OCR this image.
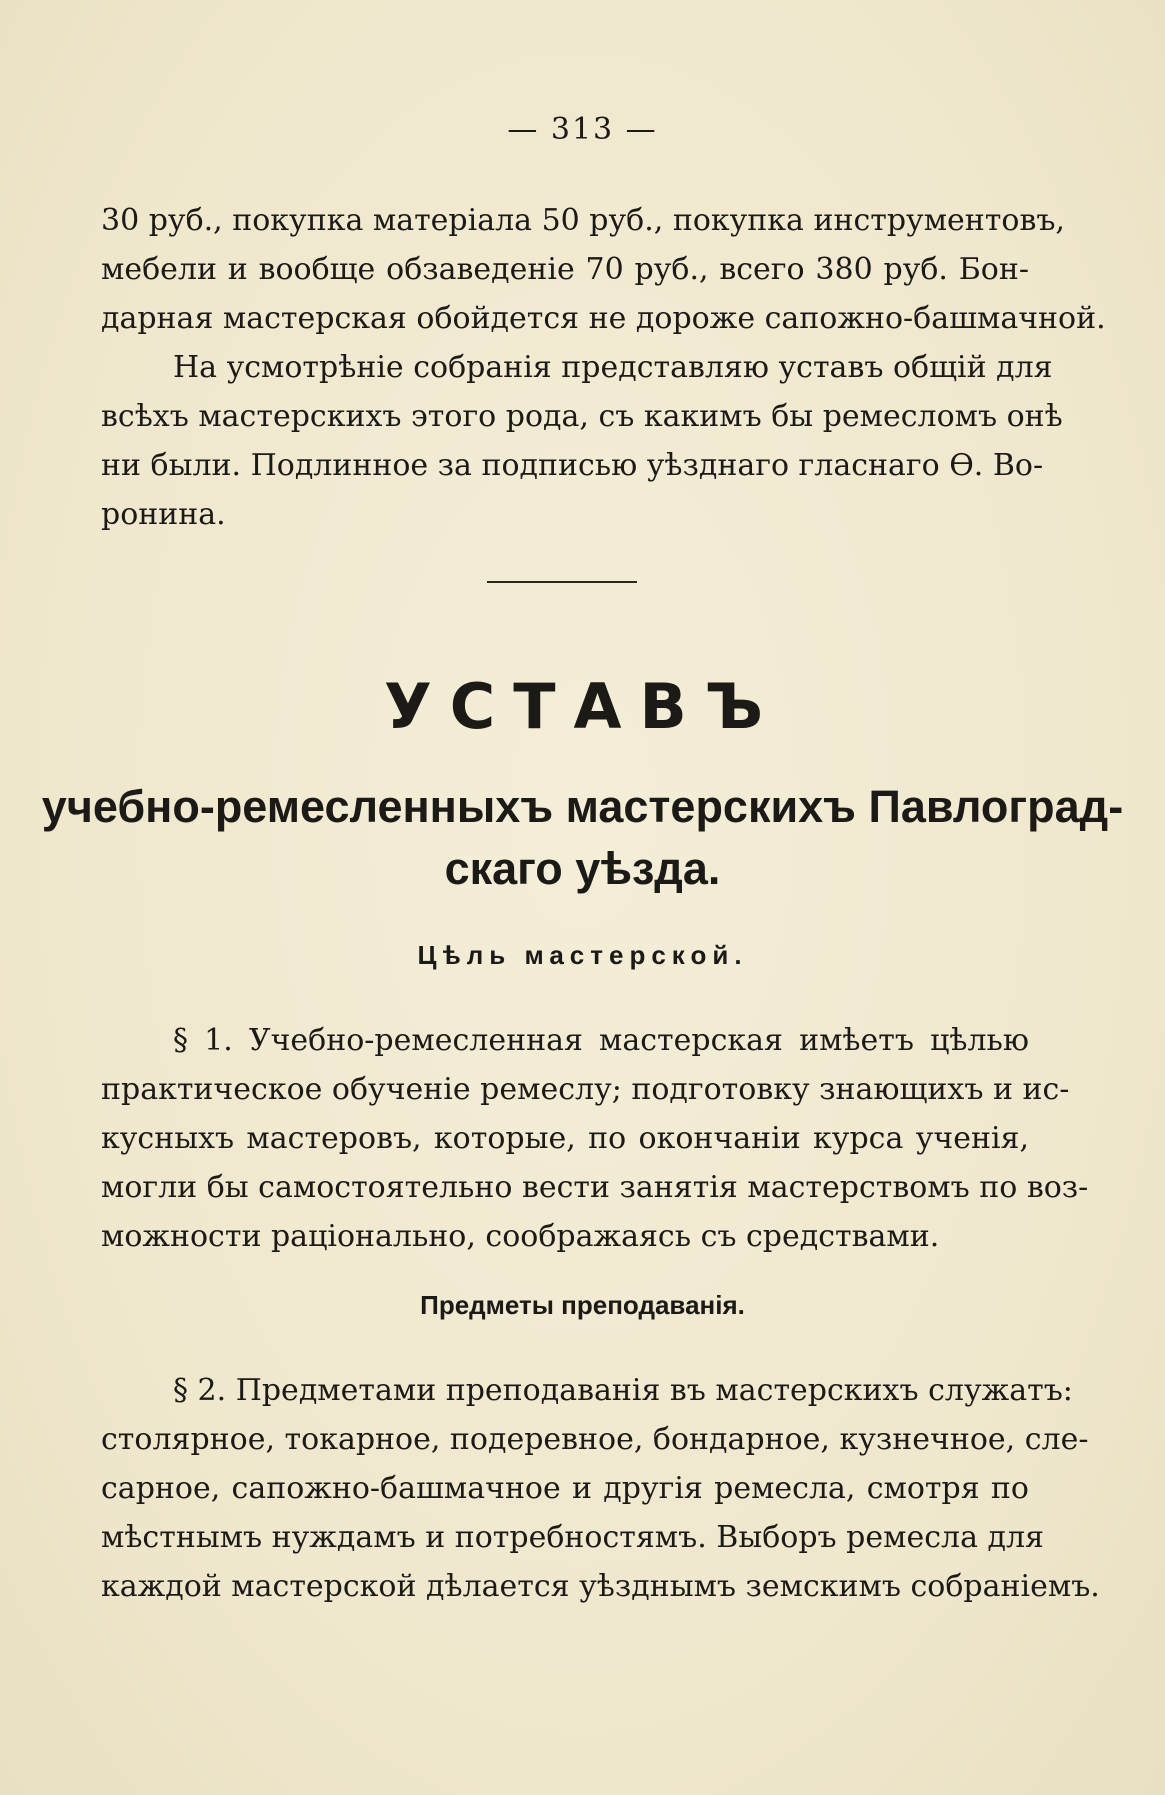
— 313 —
30 руб., покупка матеріала 50 руб., покупка инструментовъ,
мебели и вообще обзаведеніе 70 руб., всего 380 руб. Бон-
дарная мастерская обойдется не дороже сапожно-башмачной.
На усмотрѣніе собранія представляю уставъ общій для
всѣхъ мастерскихъ этого рода, съ какимъ бы ремесломъ онѣ
ни были. Подлинное за подписью уѣзднаго гласнаго Ѳ. Во-
ронина.
УСТАВЪ
учебно-ремесленныхъ мастерскихъ Павлоград-
скаго уѣзда.
Цѣль мастерской.
§ 1. Учебно-ремесленная мастерская имѣетъ цѣлью
практическое обученіе ремеслу; подготовку знающихъ и ис-
кусныхъ мастеровъ, которые, по окончаніи курса ученія,
могли бы самостоятельно вести занятія мастерствомъ по воз-
можности раціонально, соображаясь съ средствами.
Предметы преподаванія.
§ 2. Предметами преподаванія въ мастерскихъ служатъ:
столярное, токарное, подеревное, бондарное, кузнечное, сле-
сарное, сапожно-башмачное и другія ремесла, смотря по
мѣстнымъ нуждамъ и потребностямъ. Выборъ ремесла для
каждой мастерской дѣлается уѣзднымъ земскимъ собраніемъ.
